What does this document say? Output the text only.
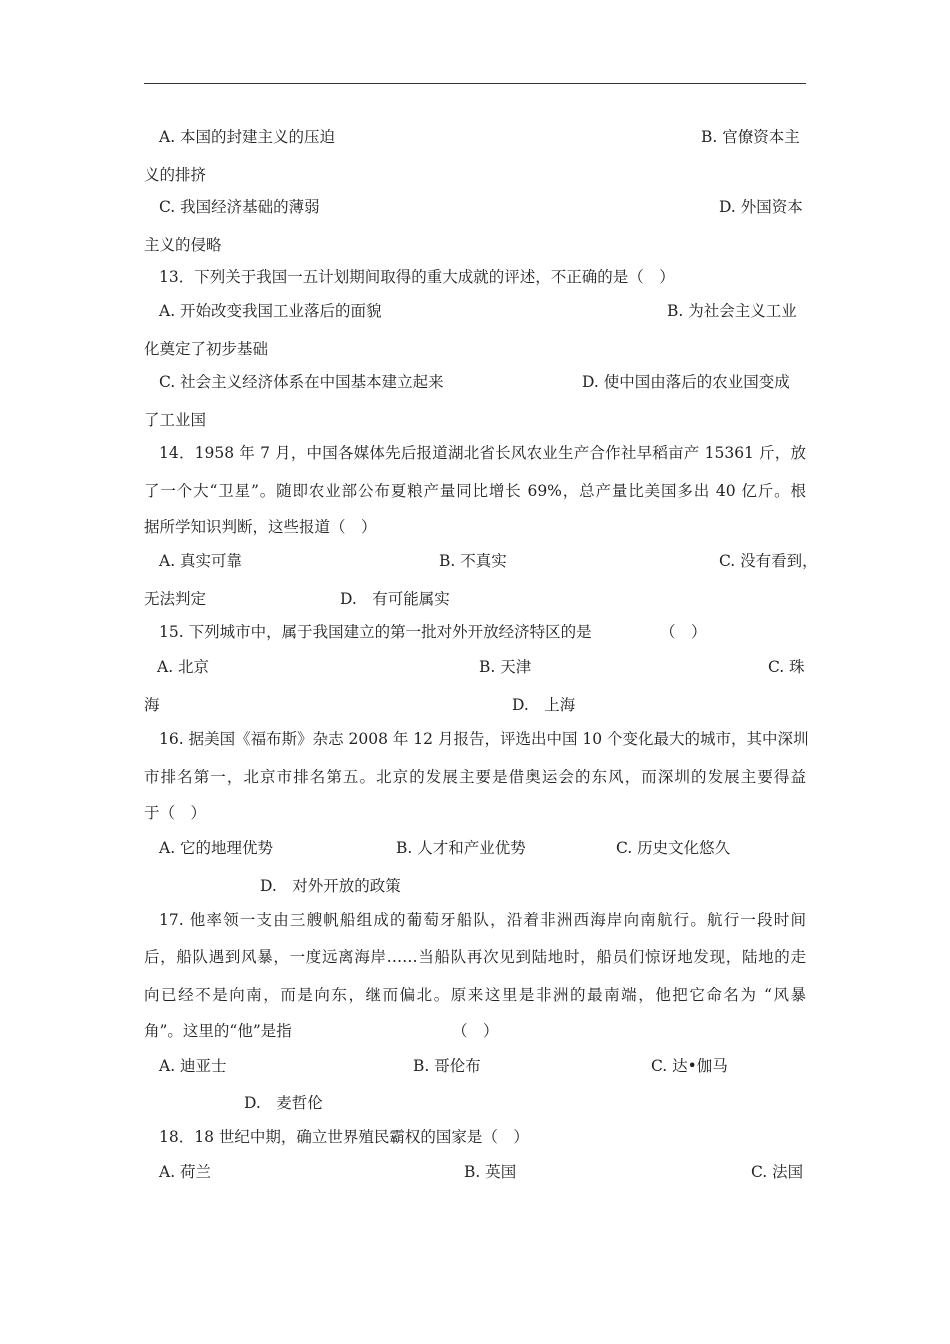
A. 本国的封建主义的压迫	B. 官僚资本主
义的排挤
C. 我国经济基础的薄弱	D. 外国资本
主义的侵略
13．下列关于我国一五计划期间取得的重大成就的评述，不正确的是（　）
A. 开始改变我国工业落后的面貌	B. 为社会主义工业
化奠定了初步基础
C. 社会主义经济体系在中国基本建立起来	D. 使中国由落后的农业国变成
了工业国
14．1958 年 7 月，中国各媒体先后报道湖北省长风农业生产合作社早稻亩产 15361 斤，放
了一个大“卫星”。随即农业部公布夏粮产量同比增长 69%，总产量比美国多出 40 亿斤。根
据所学知识判断，这些报道（　）
A. 真实可靠	B. 不真实	C. 没有看到，
无法判定	D.　有可能属实
15. 下列城市中，属于我国建立的第一批对外开放经济特区的是	（　）
A. 北京	B. 天津	C. 珠
海	D.　上海
16. 据美国《福布斯》杂志 2008 年 12 月报告，评选出中国 10 个变化最大的城市，其中深圳
市排名第一，北京市排名第五。北京的发展主要是借奥运会的东风，而深圳的发展主要得益
于（　）
A. 它的地理优势	B. 人才和产业优势	C. 历史文化悠久
D.　对外开放的政策
17. 他率领一支由三艘帆船组成的葡萄牙船队，沿着非洲西海岸向南航行。航行一段时间
后，船队遇到风暴，一度远离海岸……当船队再次见到陆地时，船员们惊讶地发现，陆地的走
向已经不是向南，而是向东，继而偏北。原来这里是非洲的最南端，他把它命名为 “风暴
角”。这里的“他”是指	（　）
A. 迪亚士	B. 哥伦布	C. 达•伽马
D.　麦哲伦
18．18 世纪中期，确立世界殖民霸权的国家是（　）
A. 荷兰	B. 英国	C. 法国
